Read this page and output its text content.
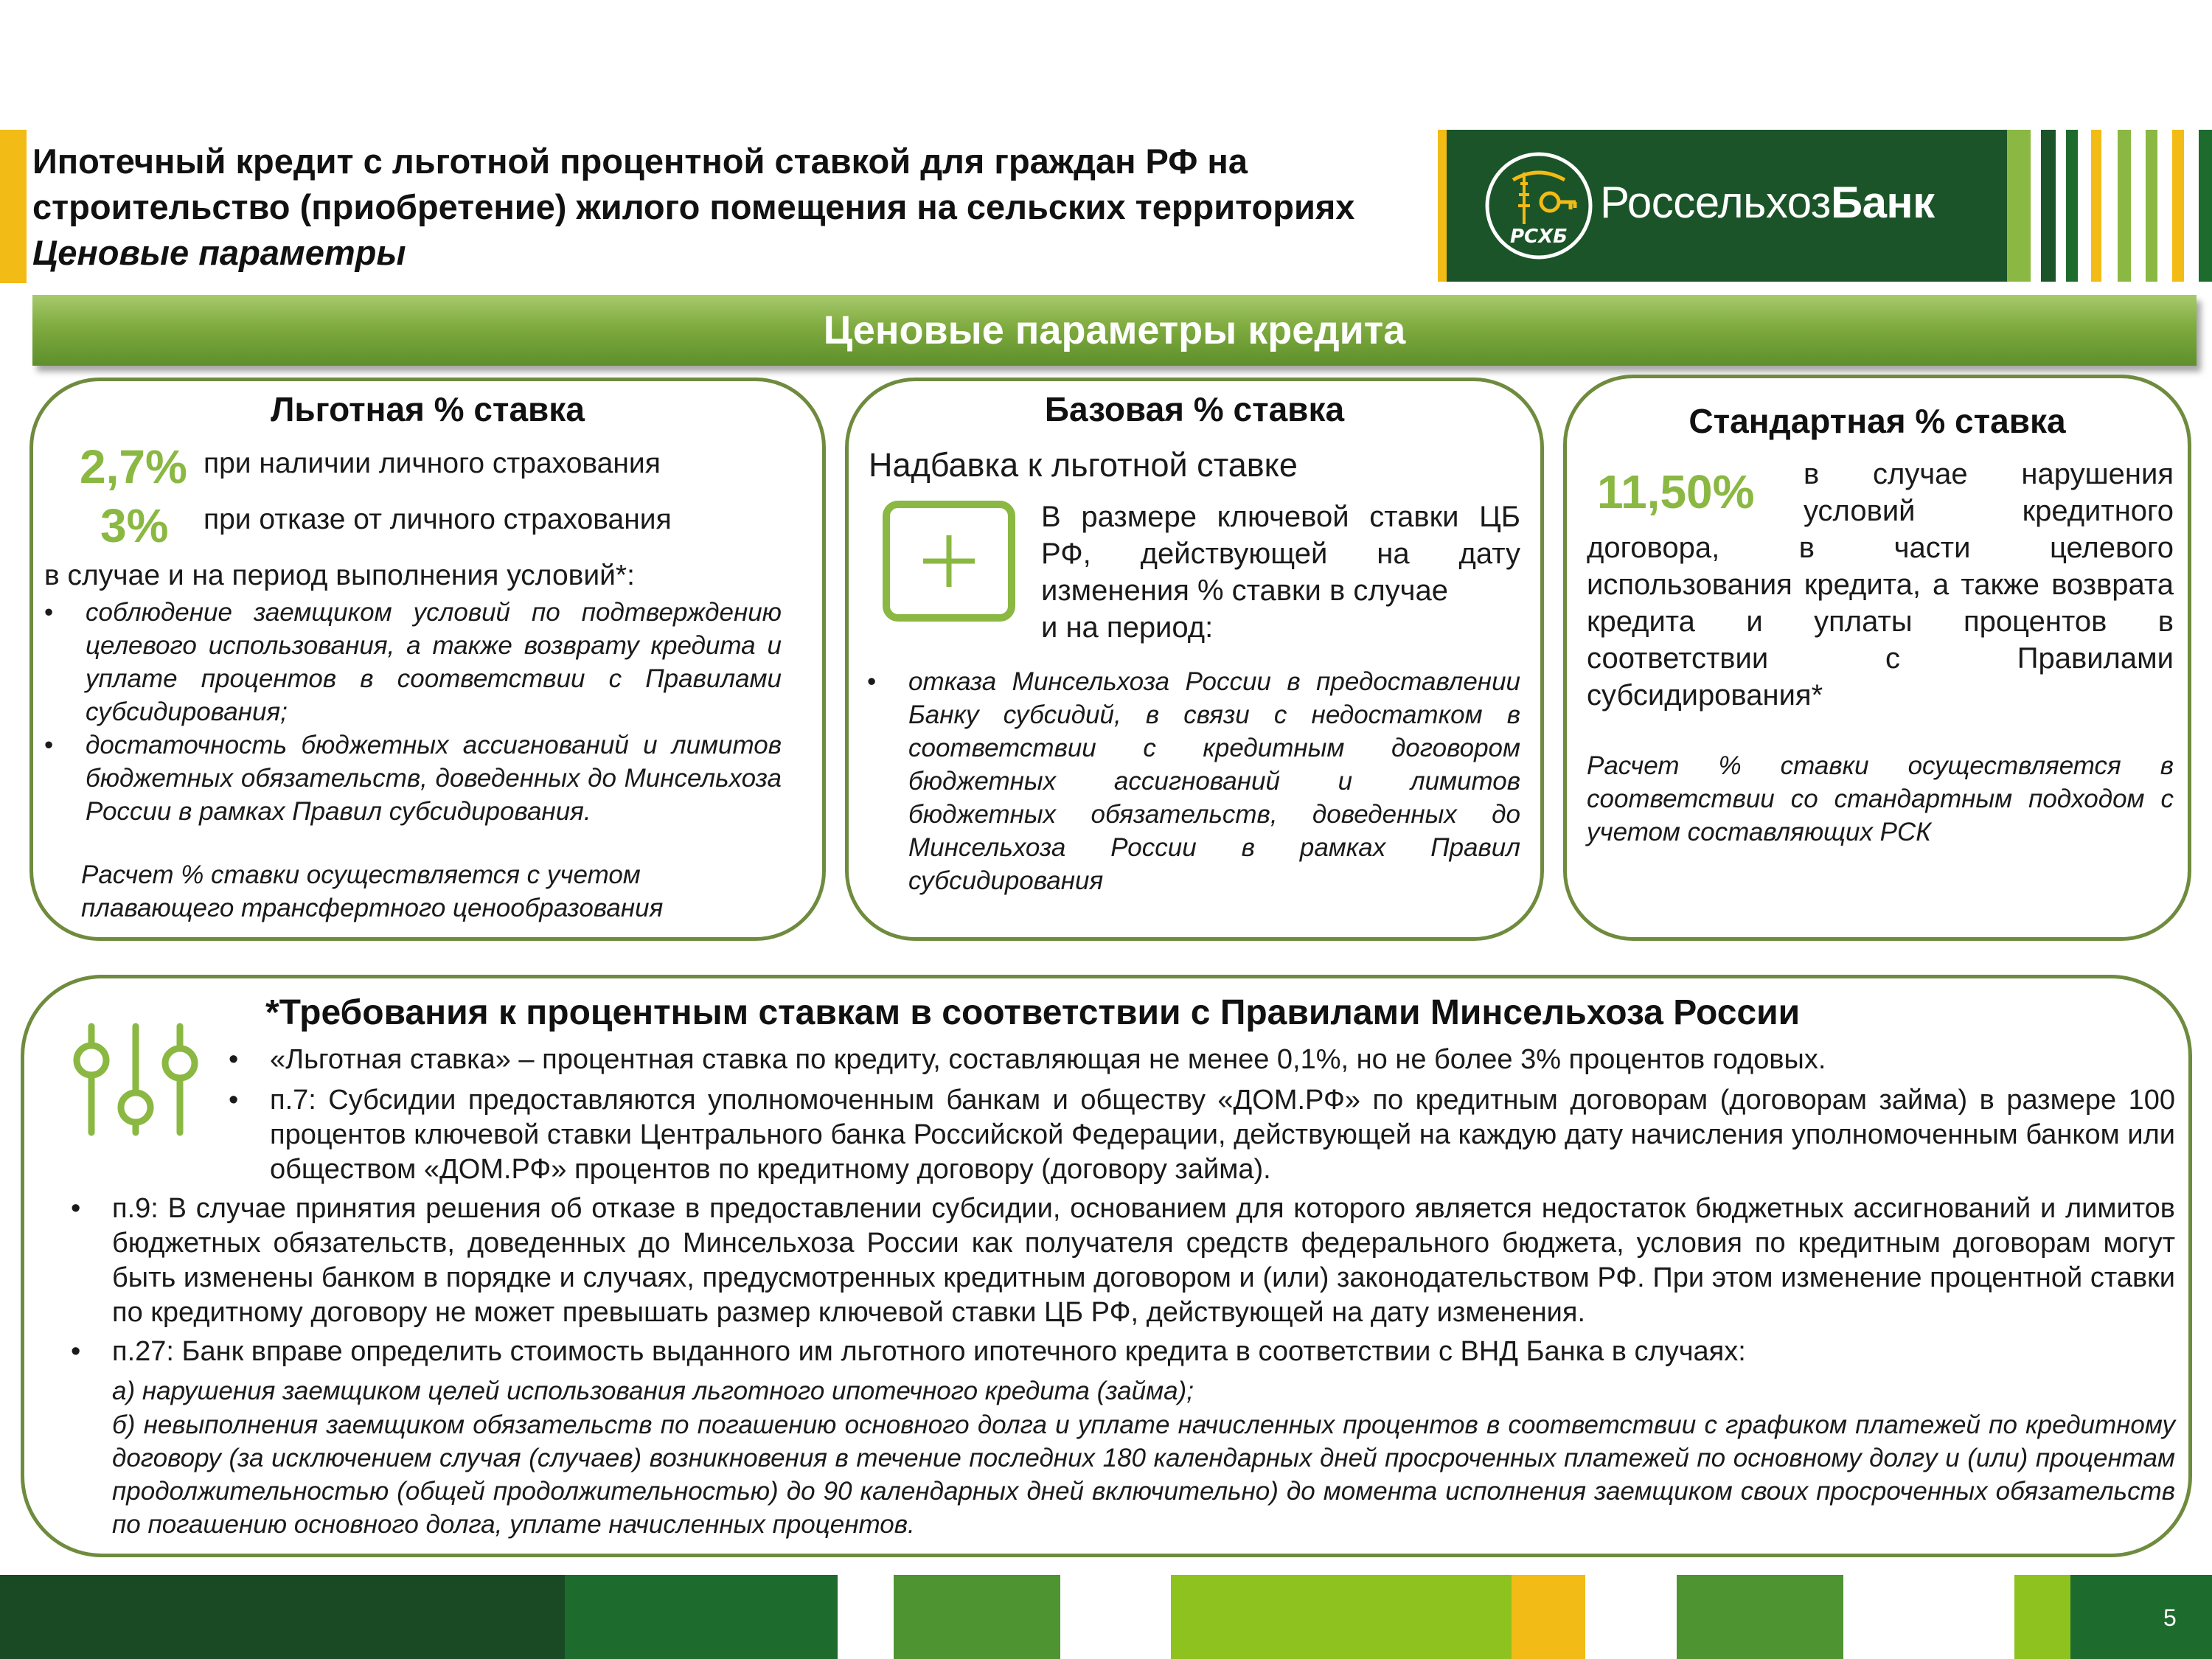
Ипотечный кредит с льготной процентной ставкой для граждан РФ на
строительство (приобретение) жилого помещения на сельских территориях
Ценовые параметры	РСХБ
РоссельхозБанк
Ценовые параметры кредита
Льготная % ставка
2,7% при наличии личного страхования
3% при отказе от личного страхования
в случае и на период выполнения условий*:
• соблюдение заемщиком условий по подтверждению целевого использования, а также возврату кредита и уплате процентов в соответствии с Правилами субсидирования;
• достаточность бюджетных ассигнований и лимитов бюджетных обязательств, доведенных до Минсельхоза России в рамках Правил субсидирования.
Расчет % ставки осуществляется с учетом плавающего трансфертного ценообразования
Базовая % ставка
Надбавка к льготной ставке
В размере ключевой ставки ЦБ
РФ, действующей на дату
изменения % ставки в случае
и на период:
• отказа Минсельхоза России в предоставлении Банку субсидий, в связи с недостатком в соответствии с кредитным договором бюджетных ассигнований и лимитов бюджетных обязательств, доведенных до Минсельхоза России в рамках Правил субсидирования
Стандартная % ставка
11,50% в случае нарушения условий кредитного
договора, в части целевого использования кредита, а также возврата кредита и уплаты процентов в соответствии с Правилами субсидирования*
Расчет % ставки осуществляется в соответствии со стандартным подходом с учетом составляющих РСК
*Требования к процентным ставкам в соответствии с Правилами Минсельхоза России
• «Льготная ставка» – процентная ставка по кредиту, составляющая не менее 0,1%, но не более 3% процентов годовых.
• п.7: Субсидии предоставляются уполномоченным банкам и обществу «ДОМ.РФ» по кредитным договорам (договорам займа) в размере 100 процентов ключевой ставки Центрального банка Российской Федерации, действующей на каждую дату начисления уполномоченным банком или обществом «ДОМ.РФ» процентов по кредитному договору (договору займа).
• п.9: В случае принятия решения об отказе в предоставлении субсидии, основанием для которого является недостаток бюджетных ассигнований и лимитов бюджетных обязательств, доведенных до Минсельхоза России как получателя средств федерального бюджета, условия по кредитным договорам могут быть изменены банком в порядке и случаях, предусмотренных кредитным договором и (или) законодательством РФ. При этом изменение процентной ставки по кредитному договору не может превышать размер ключевой ставки ЦБ РФ, действующей на дату изменения.
• п.27: Банк вправе определить стоимость выданного им льготного ипотечного кредита в соответствии с ВНД Банка в случаях:
а) нарушения заемщиком целей использования льготного ипотечного кредита (займа);
б) невыполнения заемщиком обязательств по погашению основного долга и уплате начисленных процентов в соответствии с графиком платежей по кредитному договору (за исключением случая (случаев) возникновения в течение последних 180 календарных дней просроченных платежей по основному долгу и (или) процентам продолжительностью (общей продолжительностью) до 90 календарных дней включительно) до момента исполнения заемщиком своих просроченных обязательств по погашению основного долга, уплате начисленных процентов.
5
